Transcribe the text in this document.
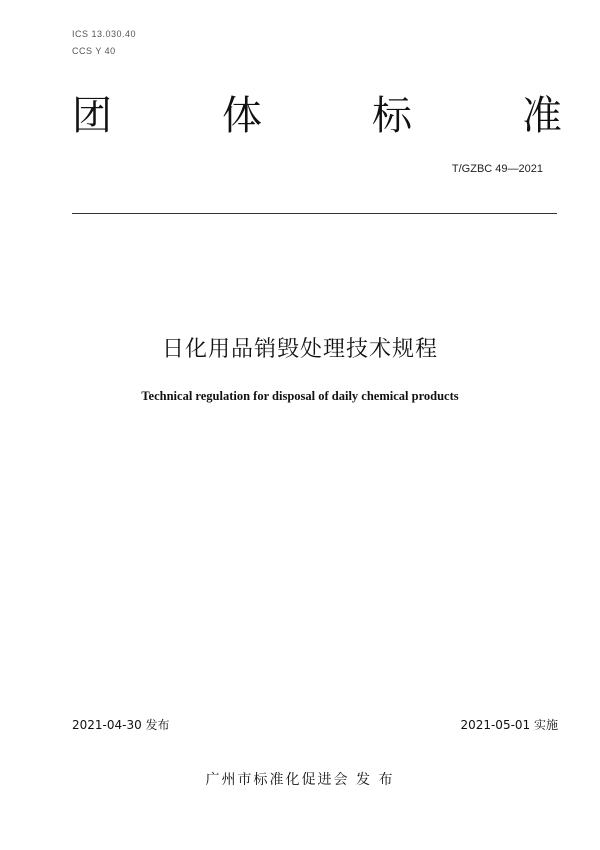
ICS 13.030.40
CCS Y 40
团	体	标	准
T/GZBC 49—2021
日化用品销毁处理技术规程
Technical regulation for disposal of daily chemical products
2021-04-30 发布	2021-05-01 实施
广州市标准化促进会 发 布
